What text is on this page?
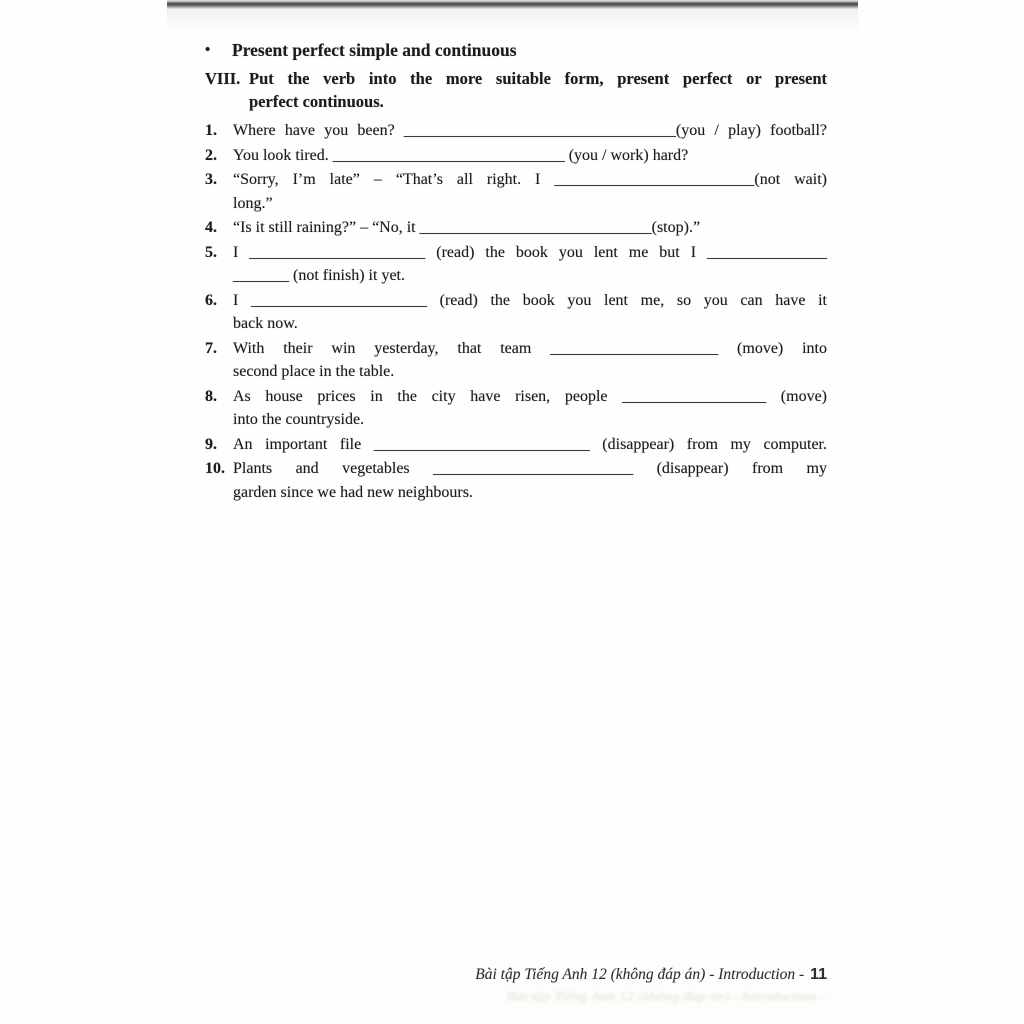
•	Present perfect simple and continuous
VIII. Put the verb into the more suitable form, present perfect or present
perfect continuous.
1.	Where have you been? __________________________________(you / play) football?
2.	You look tired. _____________________________ (you / work) hard?
3.	“Sorry, I’m late” – “That’s all right. I _________________________(not wait)
long.”
4.	“Is it still raining?” – “No, it _____________________________(stop).”
5.	I ______________________ (read) the book you lent me but I _______________
_______ (not finish) it yet.
6.	I ______________________ (read) the book you lent me, so you can have it
back now.
7.	With their win yesterday, that team _____________________ (move) into
second place in the table.
8.	As house prices in the city have risen, people __________________ (move)
into the countryside.
9.	An important file ___________________________ (disappear) from my computer.
10. Plants and vegetables _________________________ (disappear) from my
garden since we had new neighbours.
Bài tập Tiếng Anh 12 (không đáp án) - Introduction - 11
Bài tập Tiếng Anh 12 (không đáp án) - Introduction -
